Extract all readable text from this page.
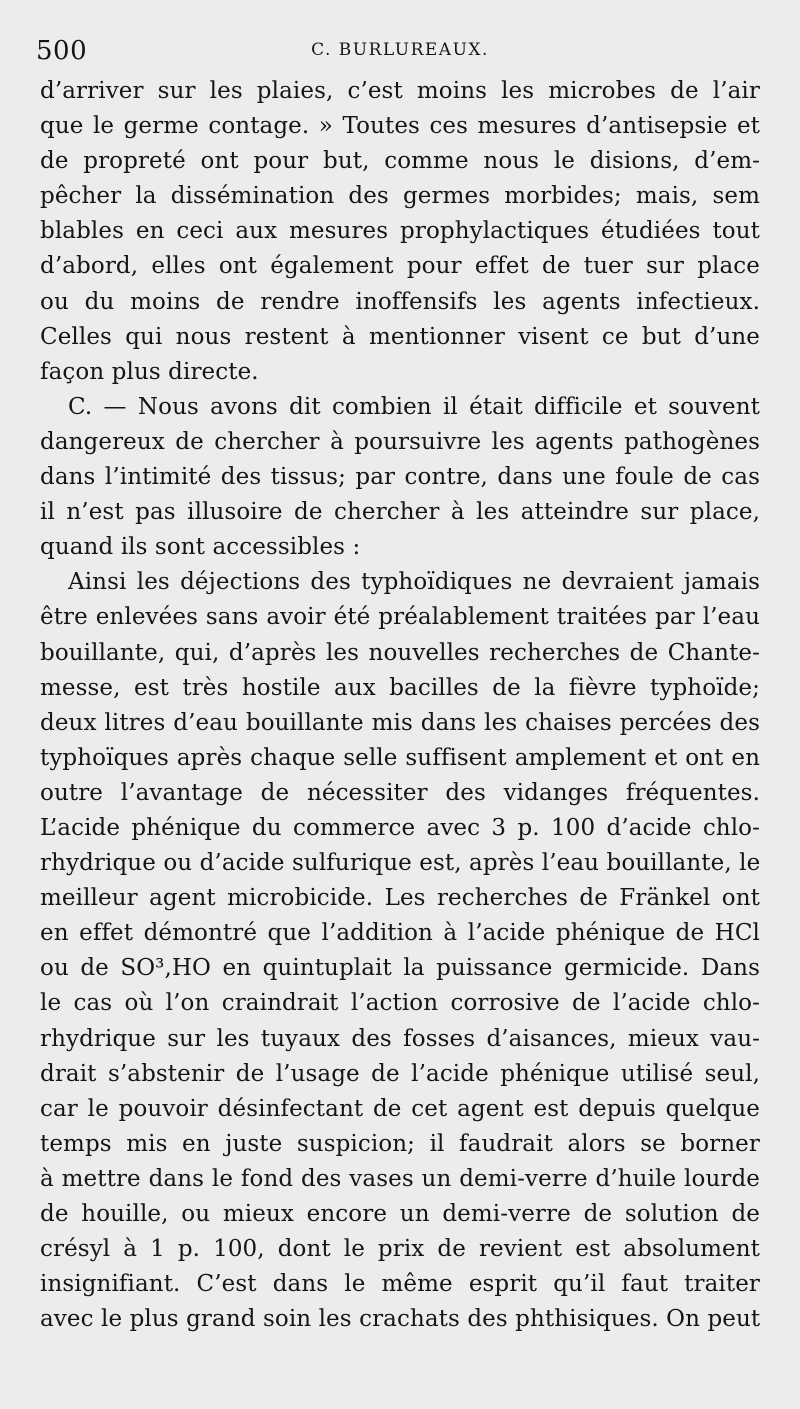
500	C. BURLUREAUX.
d’arriver sur les plaies, c’est moins les microbes de l’air
que le germe contage. » Toutes ces mesures d’antisepsie et
de propreté ont pour but, comme nous le disions, d’em-
pêcher la dissémination des germes morbides; mais, sem
blables en ceci aux mesures prophylactiques étudiées tout
d’abord, elles ont également pour effet de tuer sur place
ou du moins de rendre inoffensifs les agents infectieux.
Celles qui nous restent à mentionner visent ce but d’une
façon plus directe.
C. — Nous avons dit combien il était difficile et souvent
dangereux de chercher à poursuivre les agents pathogènes
dans l’intimité des tissus; par contre, dans une foule de cas
il n’est pas illusoire de chercher à les atteindre sur place,
quand ils sont accessibles :
Ainsi les déjections des typhoïdiques ne devraient jamais
être enlevées sans avoir été préalablement traitées par l’eau
bouillante, qui, d’après les nouvelles recherches de Chante-
messe, est très hostile aux bacilles de la fièvre typhoïde;
deux litres d’eau bouillante mis dans les chaises percées des
typhoïques après chaque selle suffisent amplement et ont en
outre l’avantage de nécessiter des vidanges fréquentes.
L’acide phénique du commerce avec 3 p. 100 d’acide chlo-
rhydrique ou d’acide sulfurique est, après l’eau bouillante, le
meilleur agent microbicide. Les recherches de Fränkel ont
en effet démontré que l’addition à l’acide phénique de HCl
ou de SO³,HO en quintuplait la puissance germicide. Dans
le cas où l’on craindrait l’action corrosive de l’acide chlo-
rhydrique sur les tuyaux des fosses d’aisances, mieux vau-
drait s’abstenir de l’usage de l’acide phénique utilisé seul,
car le pouvoir désinfectant de cet agent est depuis quelque
temps mis en juste suspicion; il faudrait alors se borner
à mettre dans le fond des vases un demi-verre d’huile lourde
de houille, ou mieux encore un demi-verre de solution de
crésyl à 1 p. 100, dont le prix de revient est absolument
insignifiant. C’est dans le même esprit qu’il faut traiter
avec le plus grand soin les crachats des phthisiques. On peut
